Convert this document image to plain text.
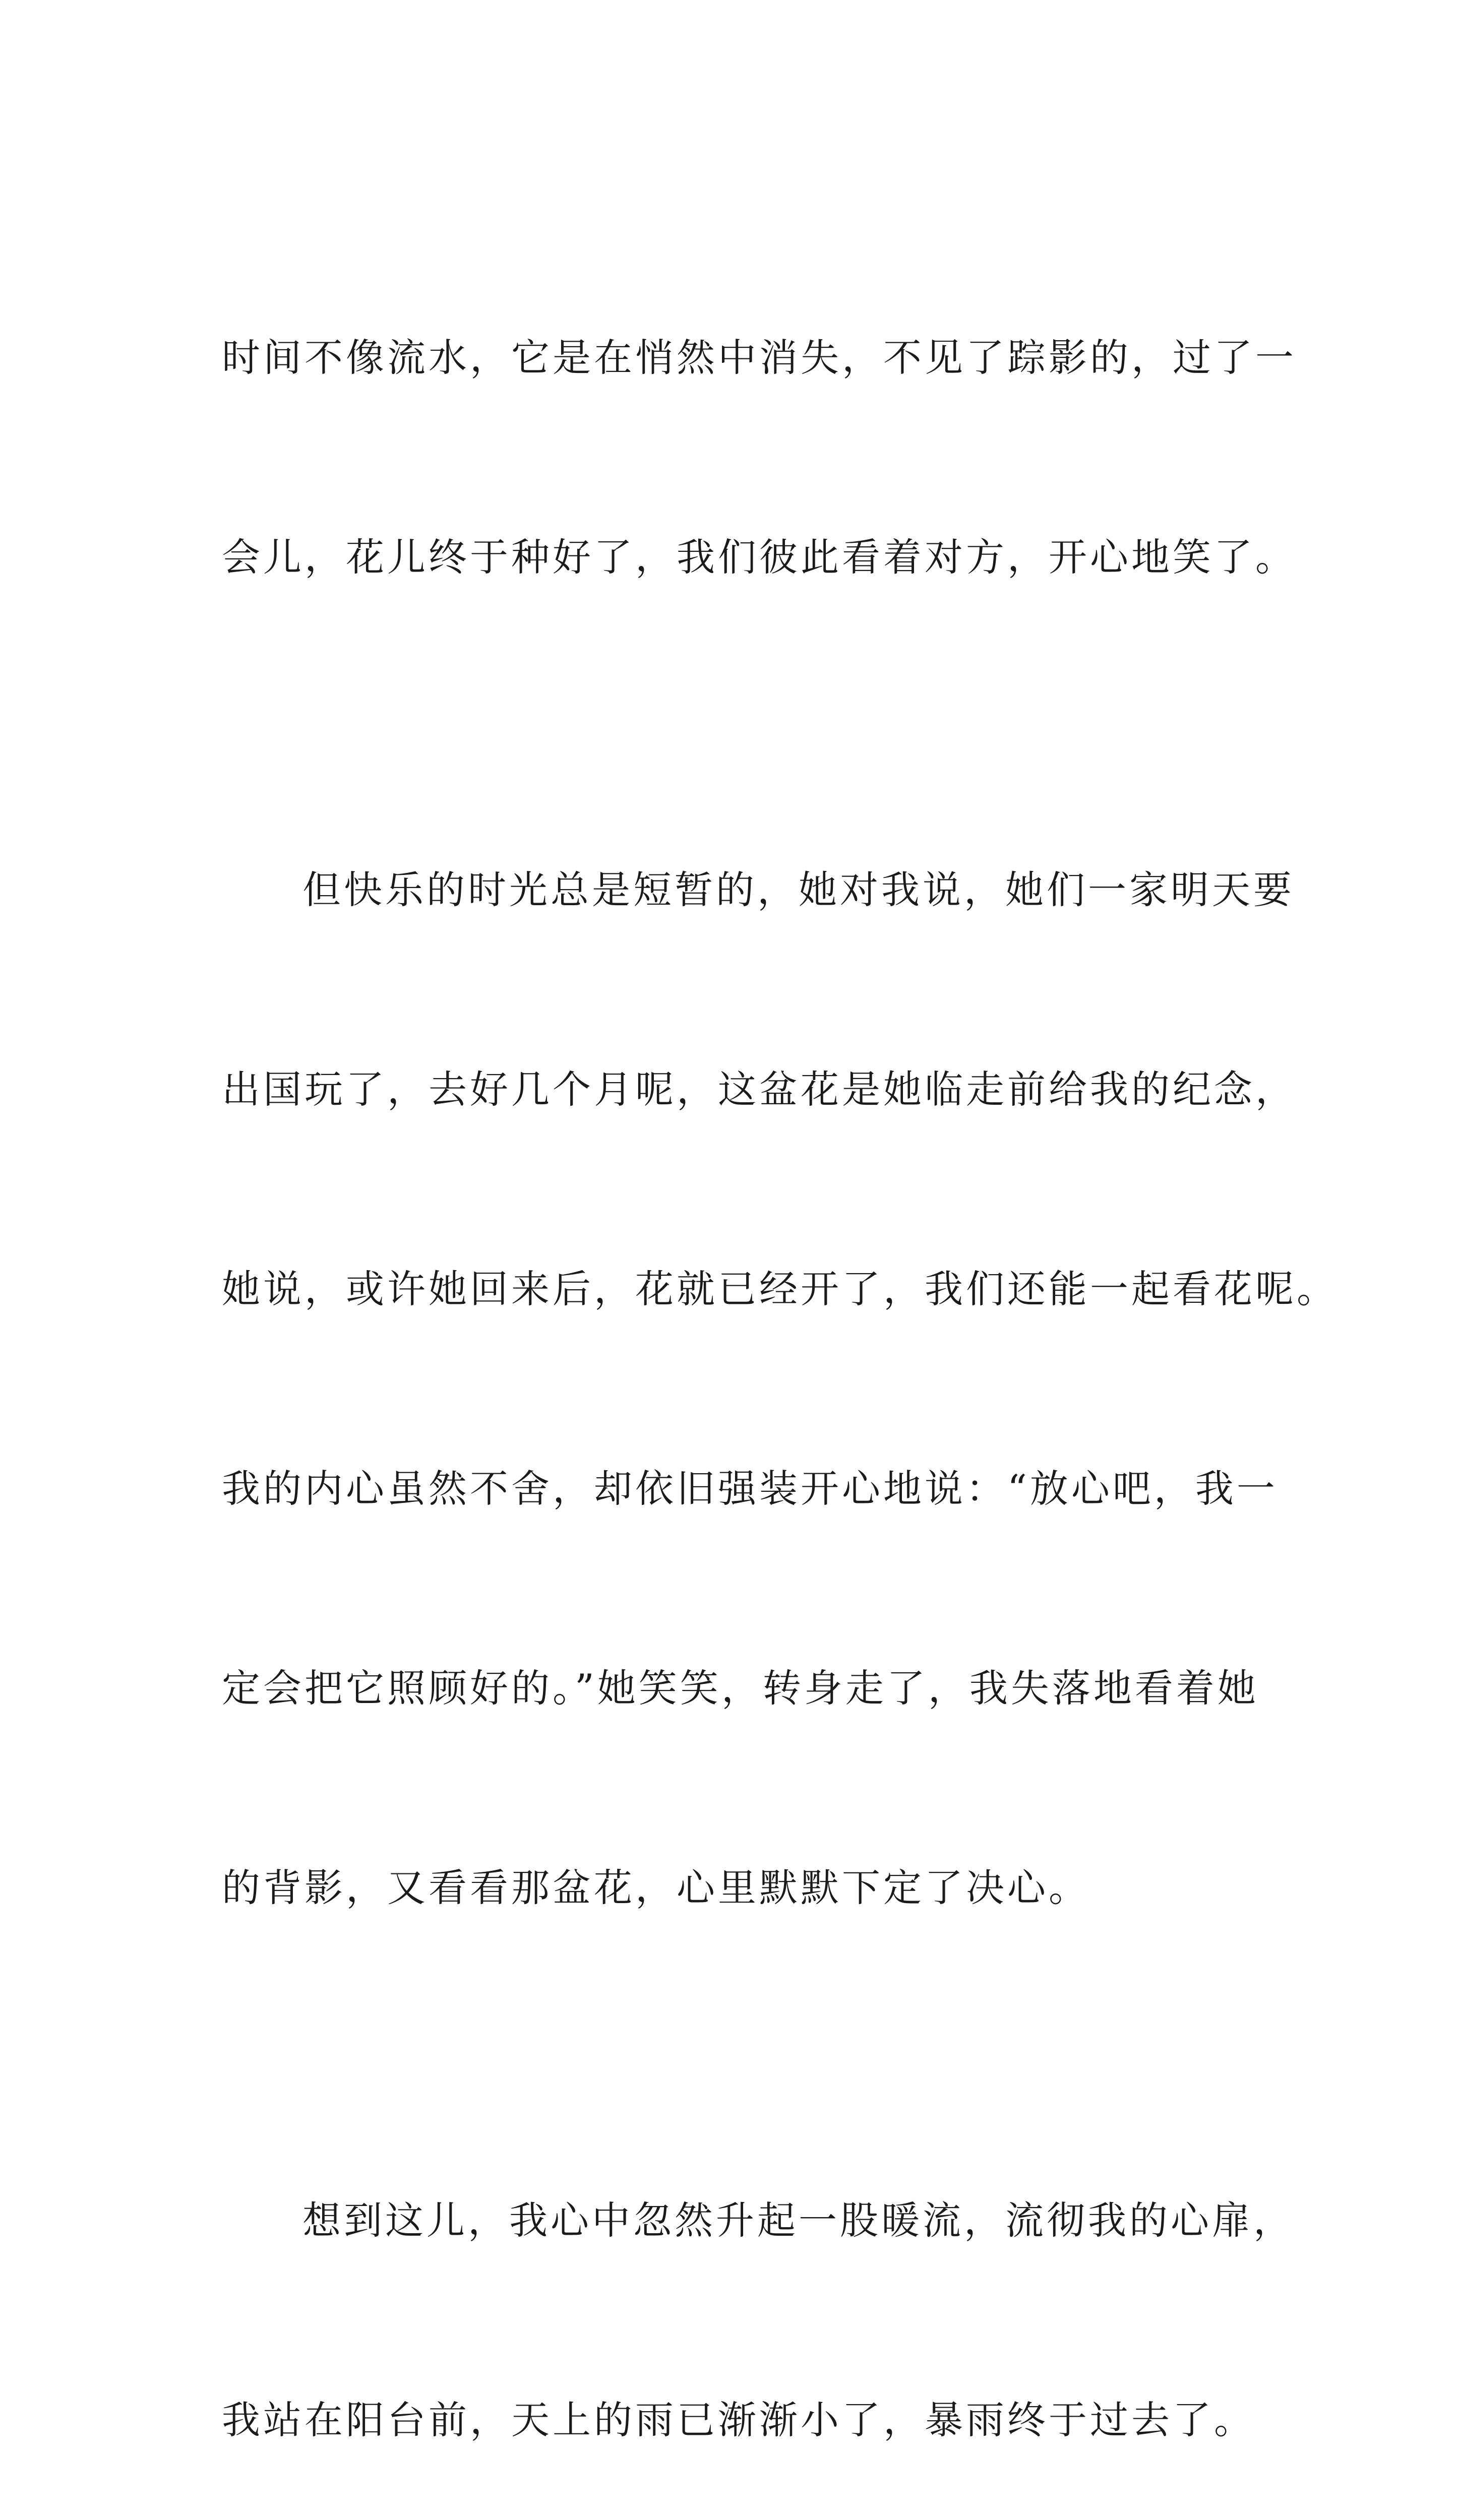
时间不像流水，它是在悄然中消失，不见了踪影的，过了一

会儿，花儿终于种好了，我们彼此看着对方，开心地笑了。

但快乐的时光总是短暂的，她对我说，她们一家明天要

出国玩了，去好几个月呢，这盆花是她临走前给我的纪念，

她说，或许她回来后，花就已经开了，我们还能一起看花呢。

我的内心虽然不舍，却依旧强装开心地说：“放心吧，我一

定会把它照顾好的。”她笑笑，转身走了，我失落地看着她

的背影，又看看那盆花，心里默默下定了决心。

想到这儿，我心中忽然升起一股暖流，流彻我的心扉，

我站在阳台前，天上的雨已渐渐小了，暴雨终于过去了。
